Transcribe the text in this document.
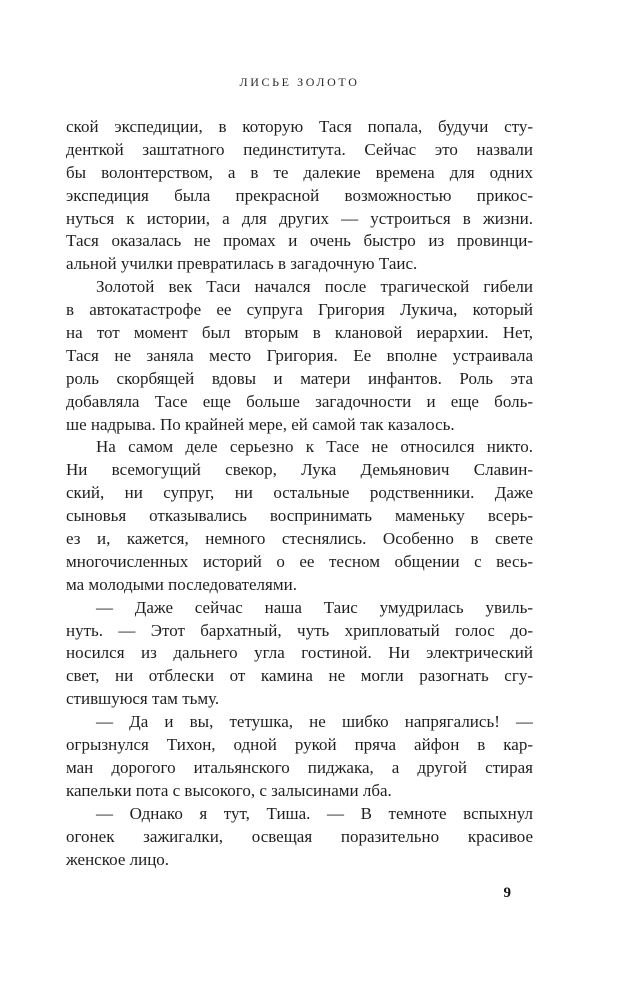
ЛИСЬЕ ЗОЛОТО
ской экспедиции, в которую Тася попала, будучи сту-
денткой заштатного пединститута. Сейчас это назвали
бы волонтерством, а в те далекие времена для одних
экспедиция была прекрасной возможностью прикос-
нуться к истории, а для других — устроиться в жизни.
Тася оказалась не промах и очень быстро из провинци-
альной училки превратилась в загадочную Таис.
Золотой век Таси начался после трагической гибели
в автокатастрофе ее супруга Григория Лукича, который
на тот момент был вторым в клановой иерархии. Нет,
Тася не заняла место Григория. Ее вполне устраивала
роль скорбящей вдовы и матери инфантов. Роль эта
добавляла Тасе еще больше загадочности и еще боль-
ше надрыва. По крайней мере, ей самой так казалось.
На самом деле серьезно к Тасе не относился никто.
Ни всемогущий свекор, Лука Демьянович Славин-
ский, ни супруг, ни остальные родственники. Даже
сыновья отказывались воспринимать маменьку всерь-
ез и, кажется, немного стеснялись. Особенно в свете
многочисленных историй о ее тесном общении с весь-
ма молодыми последователями.
— Даже сейчас наша Таис умудрилась увиль-
нуть. — Этот бархатный, чуть хрипловатый голос до-
носился из дальнего угла гостиной. Ни электрический
свет, ни отблески от камина не могли разогнать сгу-
стившуюся там тьму.
— Да и вы, тетушка, не шибко напрягались! —
огрызнулся Тихон, одной рукой пряча айфон в кар-
ман дорогого итальянского пиджака, а другой стирая
капельки пота с высокого, с залысинами лба.
— Однако я тут, Тиша. — В темноте вспыхнул
огонек зажигалки, освещая поразительно красивое
женское лицо.
9
